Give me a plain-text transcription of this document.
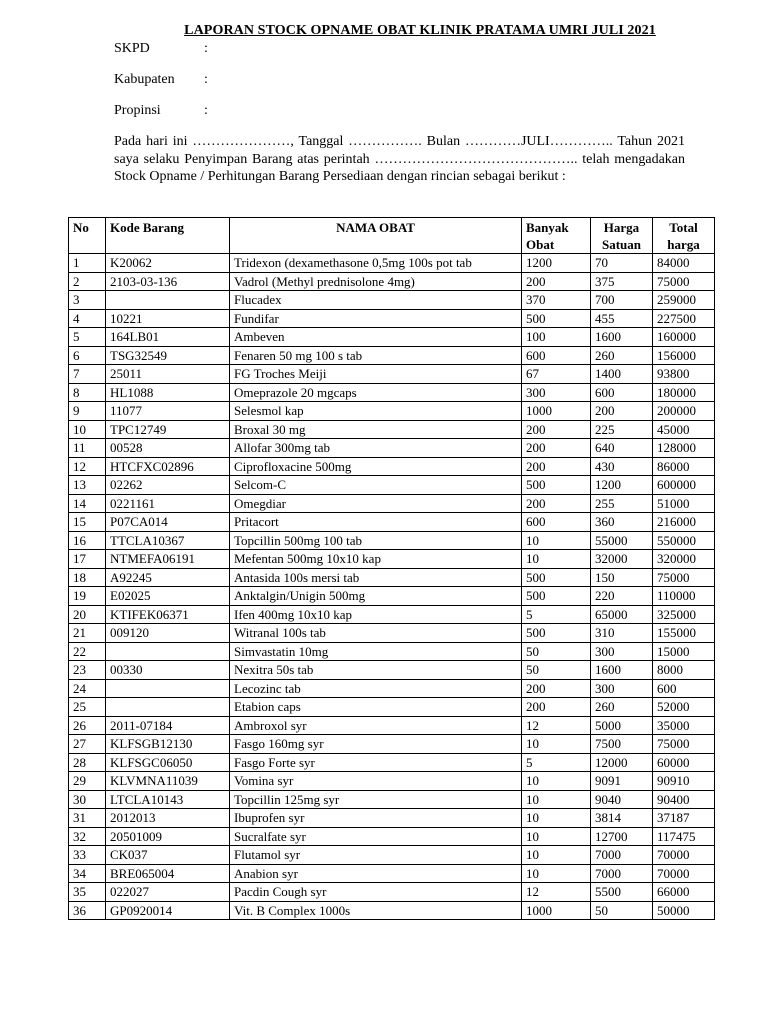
LAPORAN STOCK OPNAME OBAT KLINIK PRATAMA UMRI JULI 2021
SKPD	:
Kabupaten :
Propinsi	:
Pada hari ini …………………, Tanggal ……………. Bulan …………JULI………….. Tahun 2021 saya selaku Penyimpan Barang atas perintah …………………………………….. telah mengadakan Stock Opname / Perhitungan Barang Persediaan dengan rincian sebagai berikut :
No	Kode Barang	NAMA OBAT	Banyak Obat	Harga Satuan	Total harga
1	K20062	Tridexon (dexamethasone 0,5mg 100s pot tab	1200	70	84000
2	2103-03-136	Vadrol (Methyl prednisolone 4mg)	200	375	75000
3		Flucadex	370	700	259000
4	10221	Fundifar	500	455	227500
5	164LB01	Ambeven	100	1600	160000
6	TSG32549	Fenaren 50 mg 100 s tab	600	260	156000
7	25011	FG Troches Meiji	67	1400	93800
8	HL1088	Omeprazole 20 mgcaps	300	600	180000
9	11077	Selesmol kap	1000	200	200000
10	TPC12749	Broxal 30 mg	200	225	45000
11	00528	Allofar 300mg tab	200	640	128000
12	HTCFXC02896	Ciprofloxacine 500mg	200	430	86000
13	02262	Selcom-C	500	1200	600000
14	0221161	Omegdiar	200	255	51000
15	P07CA014	Pritacort	600	360	216000
16	TTCLA10367	Topcillin 500mg 100 tab	10	55000	550000
17	NTMEFA06191	Mefentan 500mg 10x10 kap	10	32000	320000
18	A92245	Antasida 100s mersi tab	500	150	75000
19	E02025	Anktalgin/Unigin 500mg	500	220	110000
20	KTIFEK06371	Ifen 400mg 10x10 kap	5	65000	325000
21	009120	Witranal 100s tab	500	310	155000
22		Simvastatin 10mg	50	300	15000
23	00330	Nexitra 50s tab	50	1600	8000
24		Lecozinc tab	200	300	600
25		Etabion caps	200	260	52000
26	2011-07184	Ambroxol syr	12	5000	35000
27	KLFSGB12130	Fasgo 160mg syr	10	7500	75000
28	KLFSGC06050	Fasgo Forte syr	5	12000	60000
29	KLVMNA11039	Vomina syr	10	9091	90910
30	LTCLA10143	Topcillin 125mg syr	10	9040	90400
31	2012013	Ibuprofen syr	10	3814	37187
32	20501009	Sucralfate syr	10	12700	117475
33	CK037	Flutamol syr	10	7000	70000
34	BRE065004	Anabion syr	10	7000	70000
35	022027	Pacdin Cough syr	12	5500	66000
36	GP0920014	Vit. B Complex 1000s	1000	50	50000
